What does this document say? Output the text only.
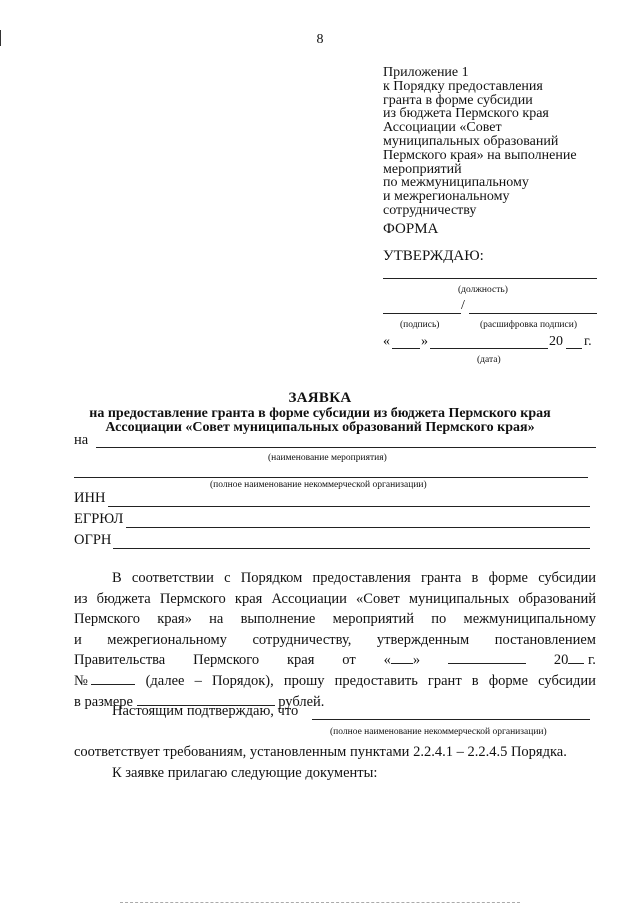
8
Приложение 1
к Порядку предоставления
гранта в форме субсидии
из бюджета Пермского края
Ассоциации «Совет
муниципальных образований
Пермского края» на выполнение
мероприятий
по межмуниципальному
и межрегиональному
сотрудничеству
ФОРМА
УТВЕРЖДАЮ:
(должность)
/
(подпись)	(расшифровка подписи)
« »	20 г.
(дата)
ЗАЯВКА
на предоставление гранта в форме субсидии из бюджета Пермского края
Ассоциации «Совет муниципальных образований Пермского края»
на
(наименование мероприятия)
(полное наименование некоммерческой организации)
ИНН
ЕГРЮЛ
ОГРН
В соответствии с Порядком предоставления гранта в форме субсидии
из бюджета Пермского края Ассоциации «Совет муниципальных образований
Пермского края» на выполнение мероприятий по межмуниципальному
и межрегиональному сотрудничеству, утвержденным постановлением
Правительства Пермского края от « »	20 г.
№	(далее – Порядок), прошу предоставить грант в форме субсидии
в размере	рублей.
Настоящим подтверждаю, что
(полное наименование некоммерческой организации)
соответствует требованиям, установленным пунктами 2.2.4.1 – 2.2.4.5 Порядка.
К заявке прилагаю следующие документы:
